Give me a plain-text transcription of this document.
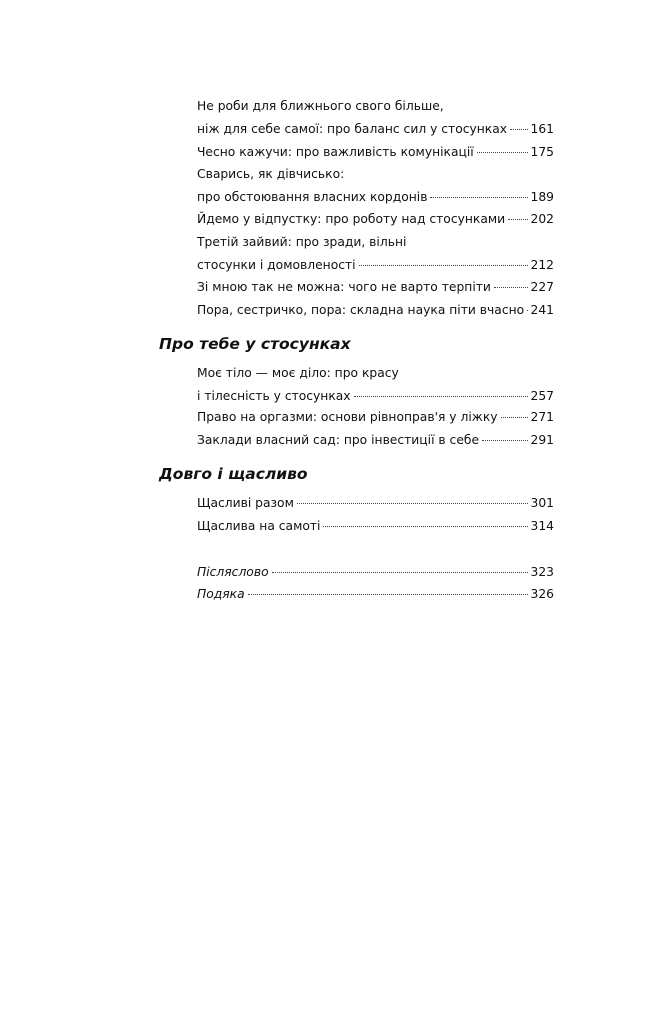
Не роби для ближнього свого більше,
ніж для себе самої: про баланс сил у стосунках 161
Чесно кажучи: про важливість комунікації	175
Сварись, як дівчисько:
про обстоювання власних кордонів	189
Йдемо у відпустку: про роботу над стосунками 202
Третій зайвий: про зради, вільні
стосунки і домовленості	212
Зі мною так не можна: чого не варто терпіти	227
Пора, сестричко, пора: складна наука піти вчасно 241
Про тебе у стосунках
Моє тіло — моє діло: про красу
і тілесність у стосунках	257
Право на оргазми: основи рівноправ'я у ліжку	271
Заклади власний сад: про інвестиції в себе	291
Довго і щасливо
Щасливі разом	301
Щаслива на самоті	314
Післяслово	323
Подяка	326
